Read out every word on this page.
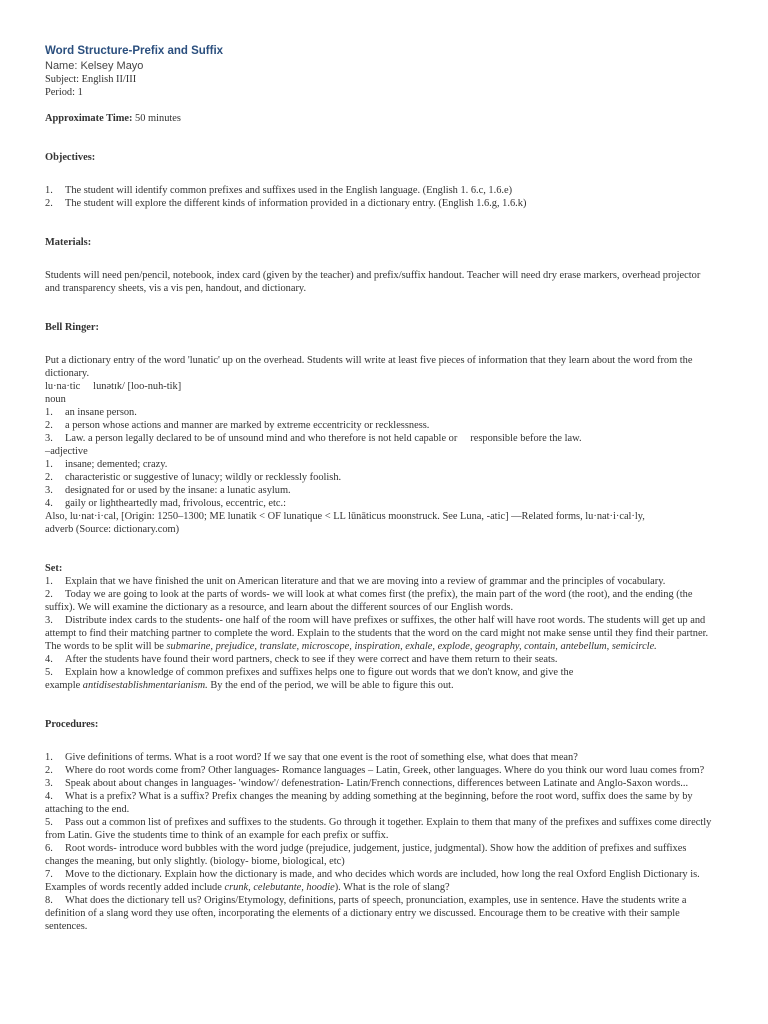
Word Structure-Prefix and Suffix
Name: Kelsey Mayo
Subject: English II/III
Period: 1
Approximate Time: 50 minutes
Objectives:
1. The student will identify common prefixes and suffixes used in the English language. (English 1. 6.c, 1.6.e)
2. The student will explore the different kinds of information provided in a dictionary entry. (English 1.6.g, 1.6.k)
Materials:
Students will need pen/pencil, notebook, index card (given by the teacher) and prefix/suffix handout. Teacher will need dry erase markers, overhead projector and transparency sheets, vis a vis pen, handout, and dictionary.
Bell Ringer:
Put a dictionary entry of the word 'lunatic' up on the overhead. Students will write at least five pieces of information that they learn about the word from the dictionary.
lu·na·tic     lunətɪk/ [loo-nuh-tik]
noun
1. an insane person.
2. a person whose actions and manner are marked by extreme eccentricity or recklessness.
3. Law. a person legally declared to be of unsound mind and who therefore is not held capable or     responsible before the law.
–adjective
1. insane; demented; crazy.
2. characteristic or suggestive of lunacy; wildly or recklessly foolish.
3. designated for or used by the insane: a lunatic asylum.
4. gaily or lightheartedly mad, frivolous, eccentric, etc.:
Also, lu·nat·i·cal, [Origin: 1250–1300; ME lunatik < OF lunatique < LL lūnāticus moonstruck. See Luna, -atic] —Related forms, lu·nat·i·cal·ly,
adverb (Source: dictionary.com)
Set:
1. Explain that we have finished the unit on American literature and that we are moving into a review of grammar and the principles of vocabulary.
2. Today we are going to look at the parts of words- we will look at what comes first (the prefix), the main part of the word (the root), and the ending (the suffix). We will examine the dictionary as a resource, and learn about the different sources of our English words.
3. Distribute index cards to the students- one half of the room will have prefixes or suffixes, the other half will have root words. The students will get up and attempt to find their matching partner to complete the word. Explain to the students that the word on the card might not make sense until they find their partner. The words to be split will be submarine, prejudice, translate, microscope, inspiration, exhale, explode, geography, contain, antebellum, semicircle.
4. After the students have found their word partners, check to see if they were correct and have them return to their seats.
5. Explain how a knowledge of common prefixes and suffixes helps one to figure out words that we don't know, and give the
example antidisestablishmentarianism. By the end of the period, we will be able to figure this out.
Procedures:
1. Give definitions of terms. What is a root word? If we say that one event is the root of something else, what does that mean?
2. Where do root words come from? Other languages- Romance languages – Latin, Greek, other languages. Where do you think our word luau comes from?
3. Speak about about changes in languages- 'window'/ defenestration- Latin/French connections, differences between Latinate and Anglo-Saxon words...
4. What is a prefix? What is a suffix? Prefix changes the meaning by adding something at the beginning, before the root word, suffix does the same by by attaching to the end.
5. Pass out a common list of prefixes and suffixes to the students. Go through it together. Explain to them that many of the prefixes and suffixes come directly from Latin. Give the students time to think of an example for each prefix or suffix.
6. Root words- introduce word bubbles with the word judge (prejudice, judgement, justice, judgmental). Show how the addition of prefixes and suffixes changes the meaning, but only slightly. (biology- biome, biological, etc)
7. Move to the dictionary. Explain how the dictionary is made, and who decides which words are included, how long the real Oxford English Dictionary is. Examples of words recently added include crunk, celebutante, hoodie). What is the role of slang?
8. What does the dictionary tell us? Origins/Etymology, definitions, parts of speech, pronunciation, examples, use in sentence. Have the students write a definition of a slang word they use often, incorporating the elements of a dictionary entry we discussed. Encourage them to be creative with their sample sentences.
